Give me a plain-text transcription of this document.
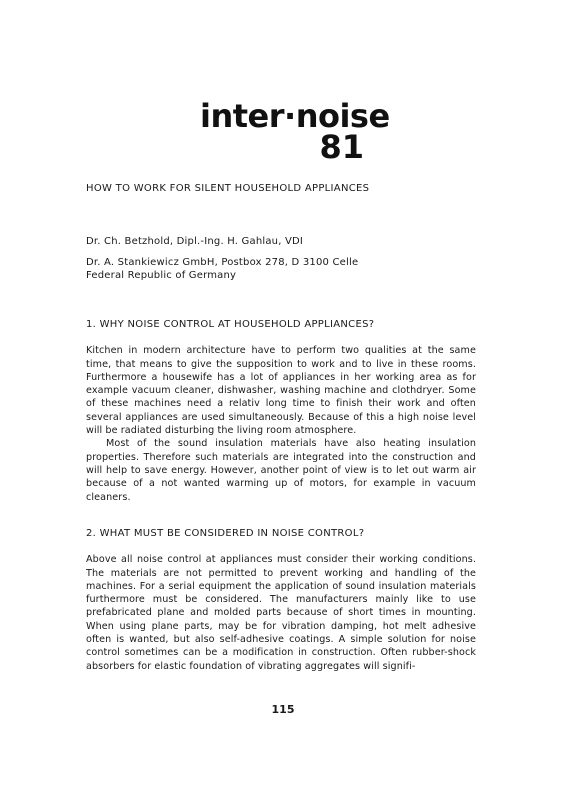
inter·noise
81
HOW TO WORK FOR SILENT HOUSEHOLD APPLIANCES
Dr. Ch. Betzhold, Dipl.-Ing. H. Gahlau, VDI
Dr. A. Stankiewicz GmbH, Postbox 278, D 3100 Celle
Federal Republic of Germany

1. WHY NOISE CONTROL AT HOUSEHOLD APPLIANCES?

Kitchen in modern architecture have to perform two qualities at the same time, that means to give the supposition to work and to live in these rooms. Furthermore a housewife has a lot of appliances in her working area as for example vacuum cleaner, dishwasher, washing machine and clothdryer. Some of these machines need a relativ long time to finish their work and often several appliances are used simultaneously. Because of this a high noise level will be radiated disturbing the living room atmosphere.

Most of the sound insulation materials have also heating insulation properties. Therefore such materials are integrated into the construction and will help to save energy. However, another point of view is to let out warm air because of a not wanted warming up of motors, for example in vacuum cleaners.

2. WHAT MUST BE CONSIDERED IN NOISE CONTROL?

Above all noise control at appliances must consider their working conditions. The materials are not permitted to prevent working and handling of the machines. For a serial equipment the application of sound insulation materials furthermore must be considered. The manufacturers mainly like to use prefabricated plane and molded parts because of short times in mounting. When using plane parts, may be for vibration damping, hot melt adhesive often is wanted, but also self-adhesive coatings. A simple solution for noise control sometimes can be a modification in construction. Often rubber-shock absorbers for elastic foundation of vibrating aggregates will signifi-

115
